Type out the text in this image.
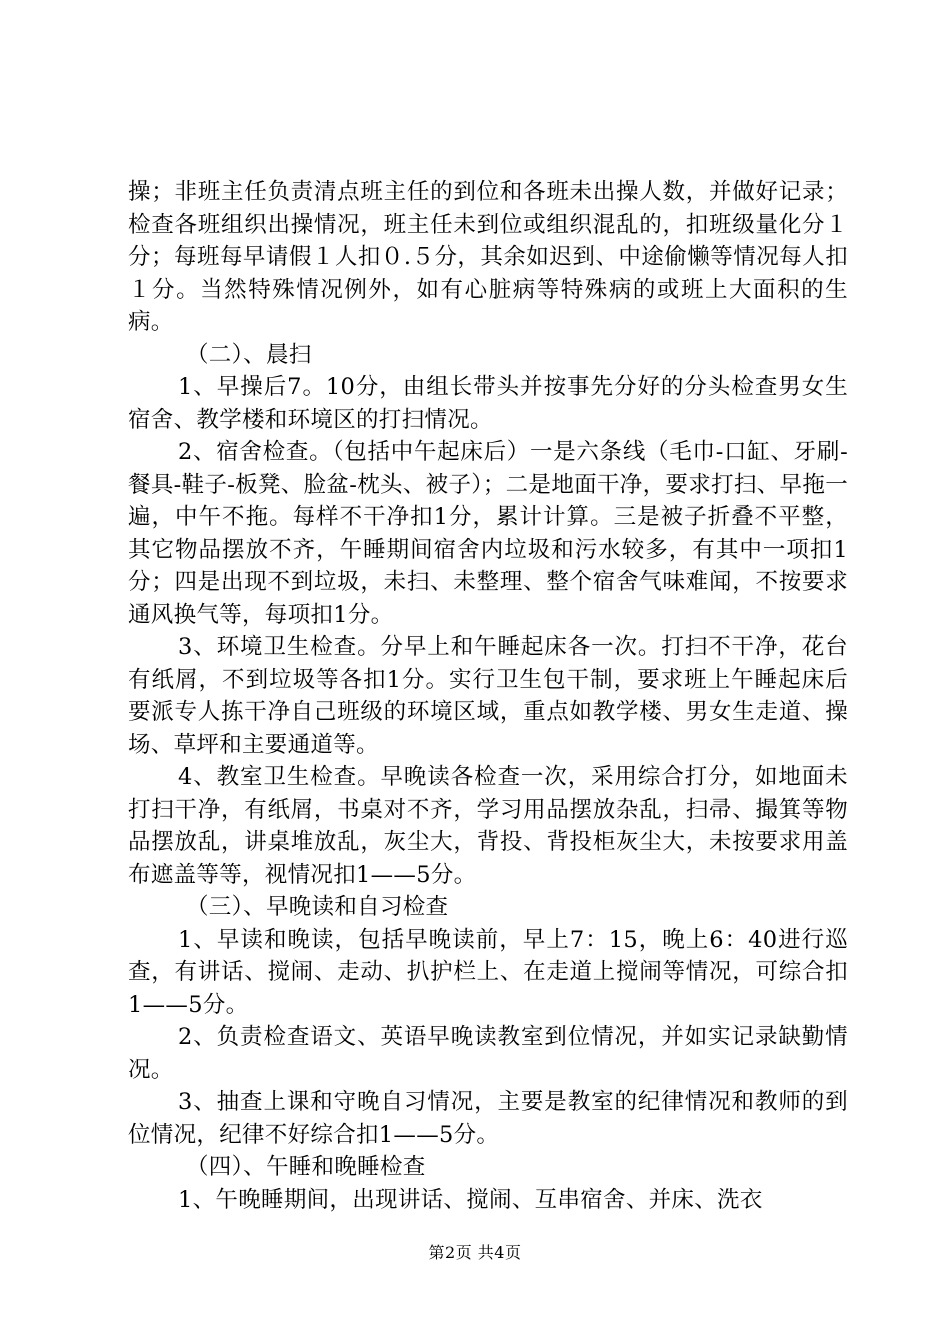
操；非班主任负责清点班主任的到位和各班未出操人数，并做好记录；检查各班组织出操情况，班主任未到位或组织混乱的，扣班级量化分１分；每班每早请假１人扣０.５分，其余如迟到、中途偷懒等情况每人扣１分。当然特殊情况例外，如有心脏病等特殊病的或班上大面积的生病。

（二）、晨扫

1、早操后7。10分，由组长带头并按事先分好的分头检查男女生宿舍、教学楼和环境区的打扫情况。

2、宿舍检查。（包括中午起床后）一是六条线（毛巾-口缸、牙刷-餐具-鞋子-板凳、脸盆-枕头、被子）；二是地面干净，要求打扫、早拖一遍，中午不拖。每样不干净扣1分，累计计算。三是被子折叠不平整，其它物品摆放不齐，午睡期间宿舍内垃圾和污水较多，有其中一项扣1分；四是出现不到垃圾，未扫、未整理、整个宿舍气味难闻，不按要求通风换气等，每项扣1分。

3、环境卫生检查。分早上和午睡起床各一次。打扫不干净，花台有纸屑，不到垃圾等各扣1分。实行卫生包干制，要求班上午睡起床后要派专人拣干净自己班级的环境区域，重点如教学楼、男女生走道、操场、草坪和主要通道等。

4、教室卫生检查。早晚读各检查一次，采用综合打分，如地面未打扫干净，有纸屑，书桌对不齐，学习用品摆放杂乱，扫帚、撮箕等物品摆放乱，讲桌堆放乱，灰尘大，背投、背投柜灰尘大，未按要求用盖布遮盖等等，视情况扣1——5分。

（三）、早晚读和自习检查

1、早读和晚读，包括早晚读前，早上7：15，晚上6：40进行巡查，有讲话、搅闹、走动、扒护栏上、在走道上搅闹等情况，可综合扣1——5分。

2、负责检查语文、英语早晚读教室到位情况，并如实记录缺勤情况。

3、抽查上课和守晚自习情况，主要是教室的纪律情况和教师的到位情况，纪律不好综合扣1——5分。

（四）、午睡和晚睡检查

1、午晚睡期间，出现讲话、搅闹、互串宿舍、并床、洗衣

第2页 共4页
